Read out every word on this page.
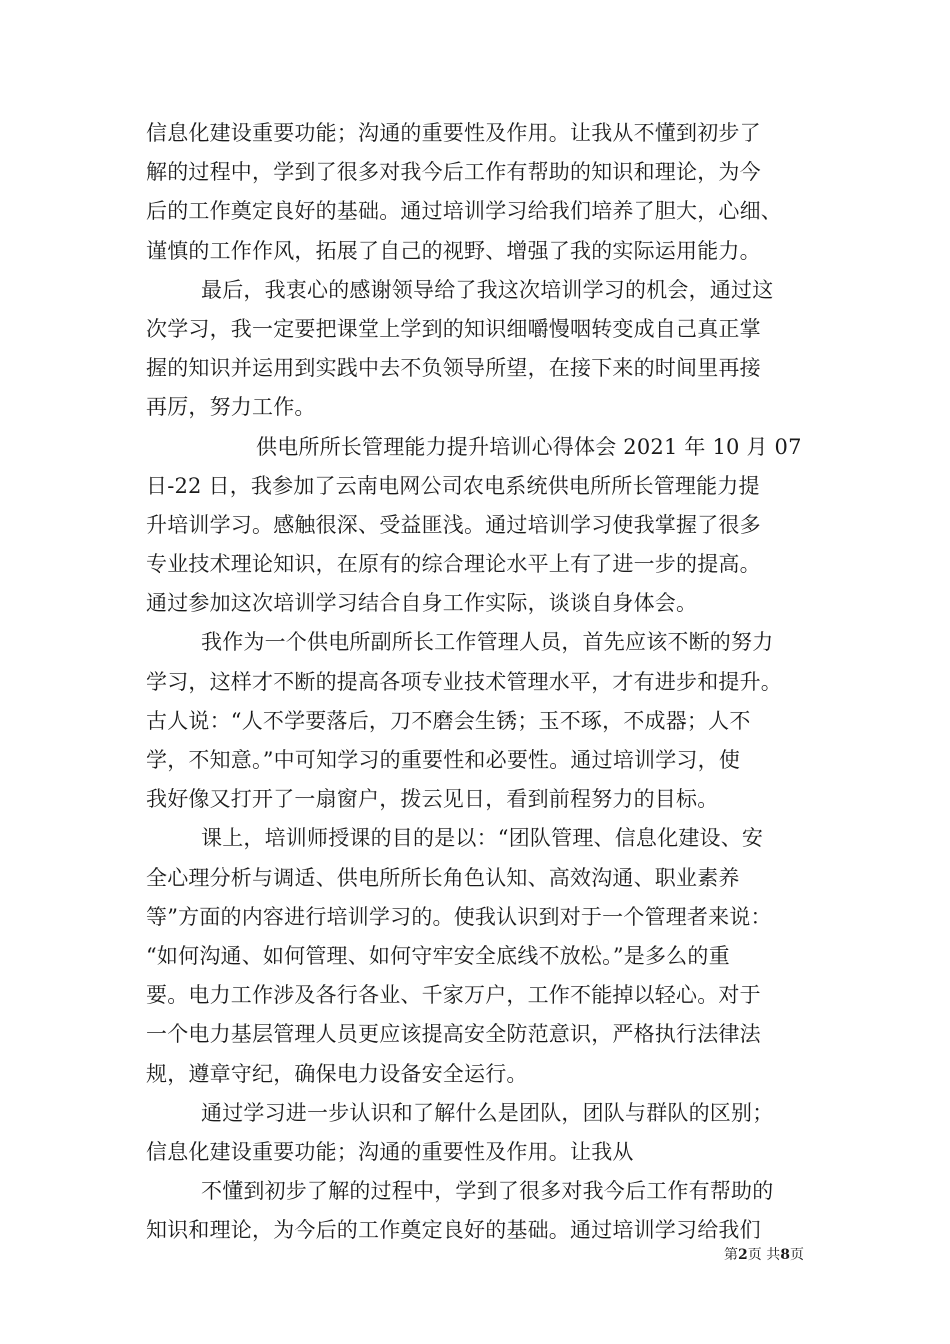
信息化建设重要功能；沟通的重要性及作用。让我从不懂到初步了
解的过程中，学到了很多对我今后工作有帮助的知识和理论，为今
后的工作奠定良好的基础。通过培训学习给我们培养了胆大，心细、
谨慎的工作作风，拓展了自己的视野、增强了我的实际运用能力。
最后，我衷心的感谢领导给了我这次培训学习的机会，通过这
次学习，我一定要把课堂上学到的知识细嚼慢咽转变成自己真正掌
握的知识并运用到实践中去不负领导所望，在接下来的时间里再接
再厉，努力工作。
供电所所长管理能力提升培训心得体会 2021 年 10 月 07
日-22 日，我参加了云南电网公司农电系统供电所所长管理能力提
升培训学习。感触很深、受益匪浅。通过培训学习使我掌握了很多
专业技术理论知识，在原有的综合理论水平上有了进一步的提高。
通过参加这次培训学习结合自身工作实际，谈谈自身体会。
我作为一个供电所副所长工作管理人员，首先应该不断的努力
学习，这样才不断的提高各项专业技术管理水平，才有进步和提升。
古人说：“人不学要落后，刀不磨会生锈；玉不琢，不成器；人不
学，不知意。”中可知学习的重要性和必要性。通过培训学习，使
我好像又打开了一扇窗户，拨云见日，看到前程努力的目标。
课上，培训师授课的目的是以：“团队管理、信息化建设、安
全心理分析与调适、供电所所长角色认知、高效沟通、职业素养
等”方面的内容进行培训学习的。使我认识到对于一个管理者来说：
“如何沟通、如何管理、如何守牢安全底线不放松。”是多么的重
要。电力工作涉及各行各业、千家万户，工作不能掉以轻心。对于
一个电力基层管理人员更应该提高安全防范意识，严格执行法律法
规，遵章守纪，确保电力设备安全运行。
通过学习进一步认识和了解什么是团队，团队与群队的区别；
信息化建设重要功能；沟通的重要性及作用。让我从
不懂到初步了解的过程中，学到了很多对我今后工作有帮助的
知识和理论，为今后的工作奠定良好的基础。通过培训学习给我们
第2页 共8页
